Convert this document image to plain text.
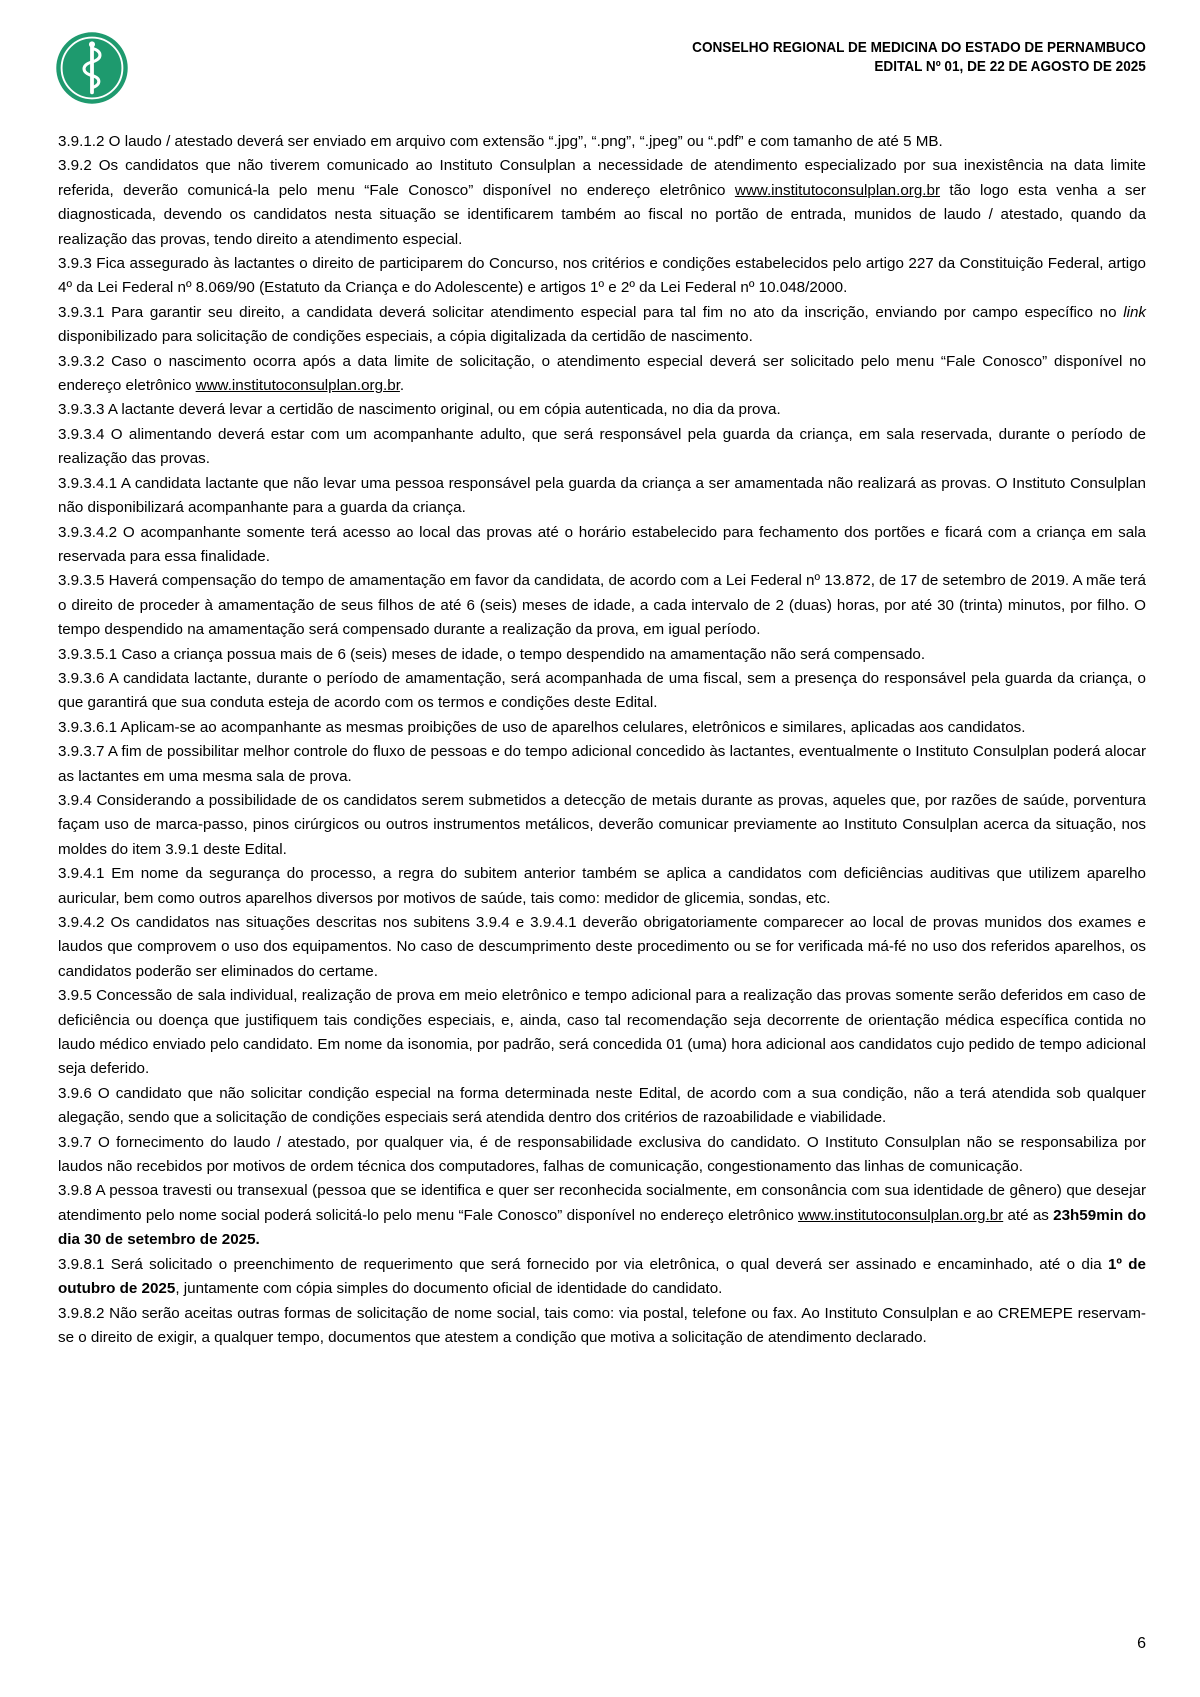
CONSELHO REGIONAL DE MEDICINA DO ESTADO DE PERNAMBUCO
EDITAL Nº 01, DE 22 DE AGOSTO DE 2025

3.9.1.2 O laudo / atestado deverá ser enviado em arquivo com extensão “.jpg”, “.png”, “.jpeg” ou “.pdf” e com tamanho de até 5 MB.

3.9.2 Os candidatos que não tiverem comunicado ao Instituto Consulplan a necessidade de atendimento especializado por sua inexistência na data limite referida, deverão comunicá-la pelo menu “Fale Conosco” disponível no endereço eletrônico www.institutoconsulplan.org.br tão logo esta venha a ser diagnosticada, devendo os candidatos nesta situação se identificarem também ao fiscal no portão de entrada, munidos de laudo / atestado, quando da realização das provas, tendo direito a atendimento especial.

3.9.3 Fica assegurado às lactantes o direito de participarem do Concurso, nos critérios e condições estabelecidos pelo artigo 227 da Constituição Federal, artigo 4º da Lei Federal nº 8.069/90 (Estatuto da Criança e do Adolescente) e artigos 1º e 2º da Lei Federal nº 10.048/2000.

3.9.3.1 Para garantir seu direito, a candidata deverá solicitar atendimento especial para tal fim no ato da inscrição, enviando por campo específico no link disponibilizado para solicitação de condições especiais, a cópia digitalizada da certidão de nascimento.

3.9.3.2 Caso o nascimento ocorra após a data limite de solicitação, o atendimento especial deverá ser solicitado pelo menu “Fale Conosco” disponível no endereço eletrônico www.institutoconsulplan.org.br.

3.9.3.3 A lactante deverá levar a certidão de nascimento original, ou em cópia autenticada, no dia da prova.

3.9.3.4 O alimentando deverá estar com um acompanhante adulto, que será responsável pela guarda da criança, em sala reservada, durante o período de realização das provas.

3.9.3.4.1 A candidata lactante que não levar uma pessoa responsável pela guarda da criança a ser amamentada não realizará as provas. O Instituto Consulplan não disponibilizará acompanhante para a guarda da criança.

3.9.3.4.2 O acompanhante somente terá acesso ao local das provas até o horário estabelecido para fechamento dos portões e ficará com a criança em sala reservada para essa finalidade.

3.9.3.5 Haverá compensação do tempo de amamentação em favor da candidata, de acordo com a Lei Federal nº 13.872, de 17 de setembro de 2019. A mãe terá o direito de proceder à amamentação de seus filhos de até 6 (seis) meses de idade, a cada intervalo de 2 (duas) horas, por até 30 (trinta) minutos, por filho. O tempo despendido na amamentação será compensado durante a realização da prova, em igual período.

3.9.3.5.1 Caso a criança possua mais de 6 (seis) meses de idade, o tempo despendido na amamentação não será compensado.

3.9.3.6 A candidata lactante, durante o período de amamentação, será acompanhada de uma fiscal, sem a presença do responsável pela guarda da criança, o que garantirá que sua conduta esteja de acordo com os termos e condições deste Edital.

3.9.3.6.1 Aplicam-se ao acompanhante as mesmas proibições de uso de aparelhos celulares, eletrônicos e similares, aplicadas aos candidatos.

3.9.3.7 A fim de possibilitar melhor controle do fluxo de pessoas e do tempo adicional concedido às lactantes, eventualmente o Instituto Consulplan poderá alocar as lactantes em uma mesma sala de prova.

3.9.4 Considerando a possibilidade de os candidatos serem submetidos a detecção de metais durante as provas, aqueles que, por razões de saúde, porventura façam uso de marca-passo, pinos cirúrgicos ou outros instrumentos metálicos, deverão comunicar previamente ao Instituto Consulplan acerca da situação, nos moldes do item 3.9.1 deste Edital.

3.9.4.1 Em nome da segurança do processo, a regra do subitem anterior também se aplica a candidatos com deficiências auditivas que utilizem aparelho auricular, bem como outros aparelhos diversos por motivos de saúde, tais como: medidor de glicemia, sondas, etc.

3.9.4.2 Os candidatos nas situações descritas nos subitens 3.9.4 e 3.9.4.1 deverão obrigatoriamente comparecer ao local de provas munidos dos exames e laudos que comprovem o uso dos equipamentos. No caso de descumprimento deste procedimento ou se for verificada má-fé no uso dos referidos aparelhos, os candidatos poderão ser eliminados do certame.

3.9.5 Concessão de sala individual, realização de prova em meio eletrônico e tempo adicional para a realização das provas somente serão deferidos em caso de deficiência ou doença que justifiquem tais condições especiais, e, ainda, caso tal recomendação seja decorrente de orientação médica específica contida no laudo médico enviado pelo candidato. Em nome da isonomia, por padrão, será concedida 01 (uma) hora adicional aos candidatos cujo pedido de tempo adicional seja deferido.

3.9.6 O candidato que não solicitar condição especial na forma determinada neste Edital, de acordo com a sua condição, não a terá atendida sob qualquer alegação, sendo que a solicitação de condições especiais será atendida dentro dos critérios de razoabilidade e viabilidade.

3.9.7 O fornecimento do laudo / atestado, por qualquer via, é de responsabilidade exclusiva do candidato. O Instituto Consulplan não se responsabiliza por laudos não recebidos por motivos de ordem técnica dos computadores, falhas de comunicação, congestionamento das linhas de comunicação.

3.9.8 A pessoa travesti ou transexual (pessoa que se identifica e quer ser reconhecida socialmente, em consonância com sua identidade de gênero) que desejar atendimento pelo nome social poderá solicitá-lo pelo menu “Fale Conosco” disponível no endereço eletrônico www.institutoconsulplan.org.br até as 23h59min do dia 30 de setembro de 2025.

3.9.8.1 Será solicitado o preenchimento de requerimento que será fornecido por via eletrônica, o qual deverá ser assinado e encaminhado, até o dia 1º de outubro de 2025, juntamente com cópia simples do documento oficial de identidade do candidato.

3.9.8.2 Não serão aceitas outras formas de solicitação de nome social, tais como: via postal, telefone ou fax. Ao Instituto Consulplan e ao CREMEPE reservam-se o direito de exigir, a qualquer tempo, documentos que atestem a condição que motiva a solicitação de atendimento declarado.

6
